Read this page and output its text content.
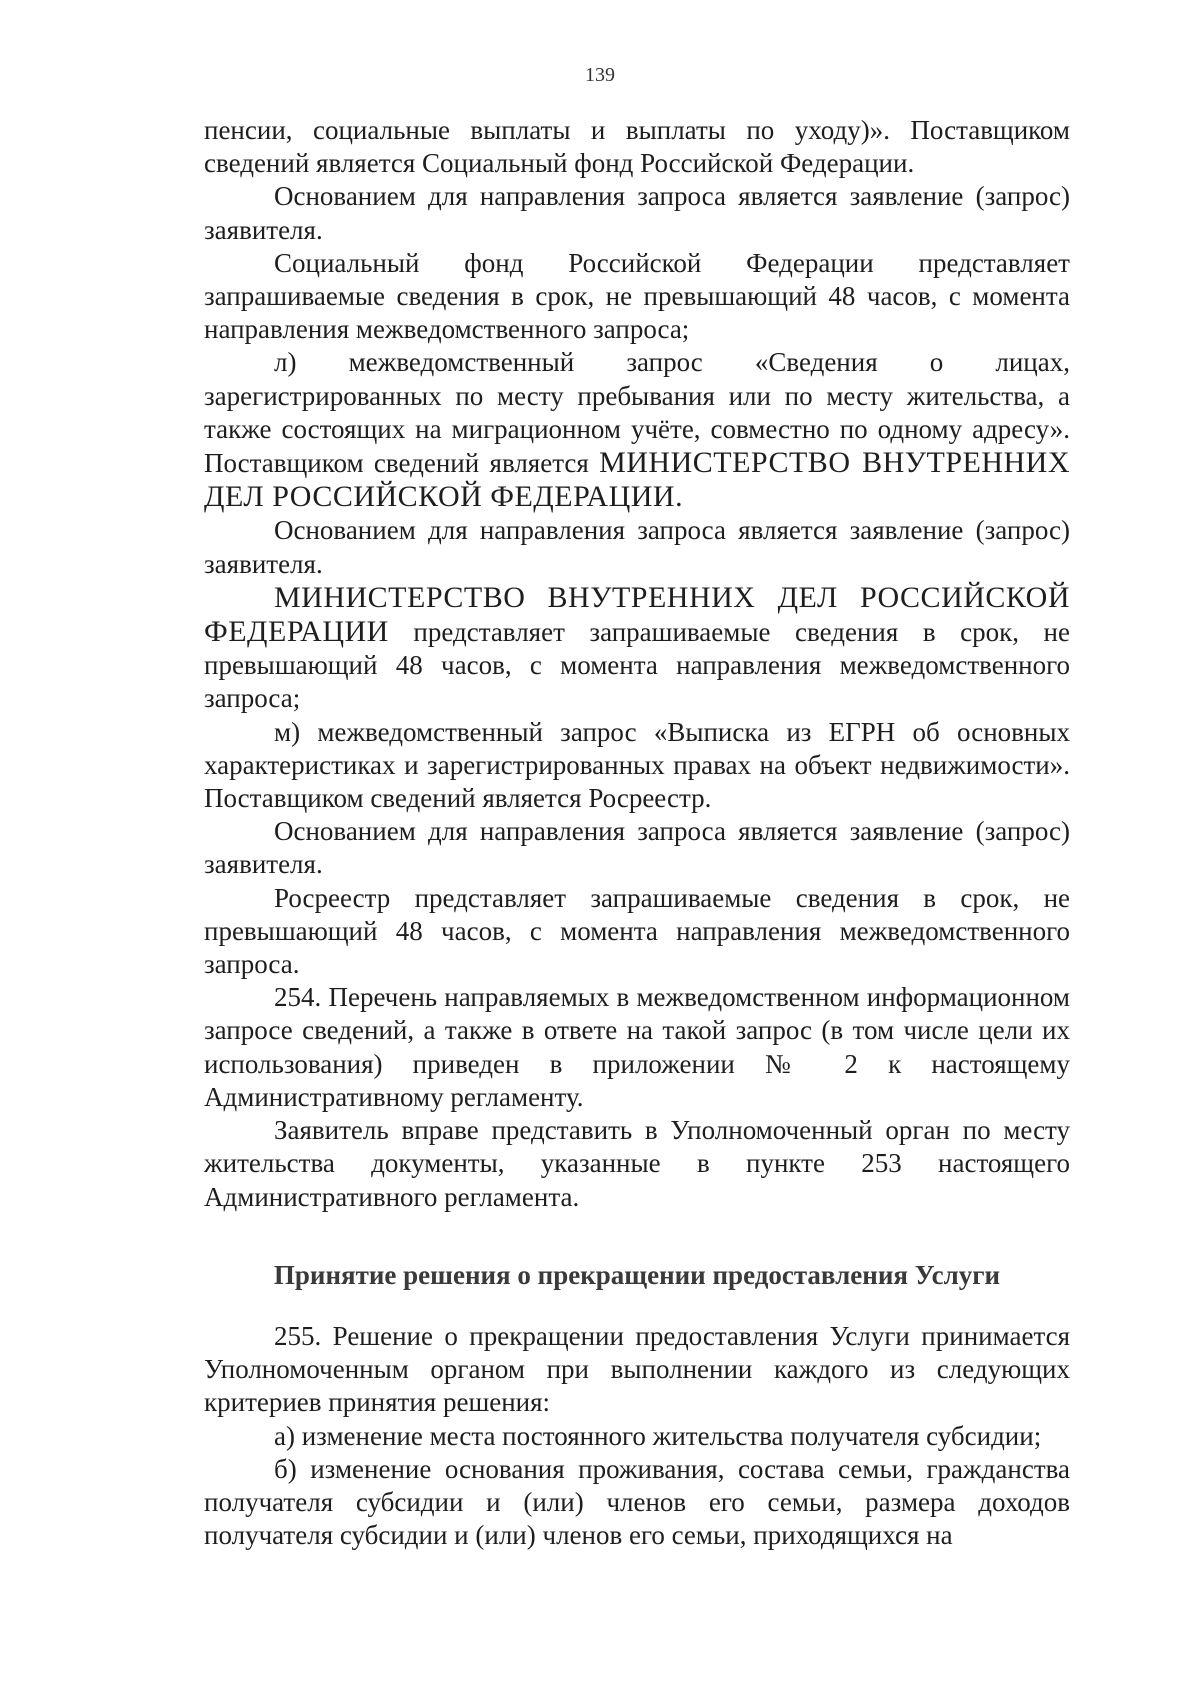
139

пенсии, социальные выплаты и выплаты по уходу)». Поставщиком сведений является Социальный фонд Российской Федерации.

Основанием для направления запроса является заявление (запрос) заявителя.

Социальный фонд Российской Федерации представляет запрашиваемые сведения в срок, не превышающий 48 часов, с момента направления межведомственного запроса;

л) межведомственный запрос «Сведения о лицах, зарегистрированных по месту пребывания или по месту жительства, а также состоящих на миграционном учёте, совместно по одному адресу». Поставщиком сведений является МИНИСТЕРСТВО ВНУТРЕННИХ ДЕЛ РОССИЙСКОЙ ФЕДЕРАЦИИ.

Основанием для направления запроса является заявление (запрос) заявителя.

МИНИСТЕРСТВО ВНУТРЕННИХ ДЕЛ РОССИЙСКОЙ ФЕДЕРАЦИИ представляет запрашиваемые сведения в срок, не превышающий 48 часов, с момента направления межведомственного запроса;

м) межведомственный запрос «Выписка из ЕГРН об основных характеристиках и зарегистрированных правах на объект недвижимости». Поставщиком сведений является Росреестр.

Основанием для направления запроса является заявление (запрос) заявителя.

Росреестр представляет запрашиваемые сведения в срок, не превышающий 48 часов, с момента направления межведомственного запроса.

254. Перечень направляемых в межведомственном информационном запросе сведений, а также в ответе на такой запрос (в том числе цели их использования) приведен в приложении № 2 к настоящему Административному регламенту.

Заявитель вправе представить в Уполномоченный орган по месту жительства документы, указанные в пункте 253 настоящего Административного регламента.

Принятие решения о прекращении предоставления Услуги

255. Решение о прекращении предоставления Услуги принимается Уполномоченным органом при выполнении каждого из следующих критериев принятия решения:

а) изменение места постоянного жительства получателя субсидии;

б) изменение основания проживания, состава семьи, гражданства получателя субсидии и (или) членов его семьи, размера доходов получателя субсидии и (или) членов его семьи, приходящихся на
